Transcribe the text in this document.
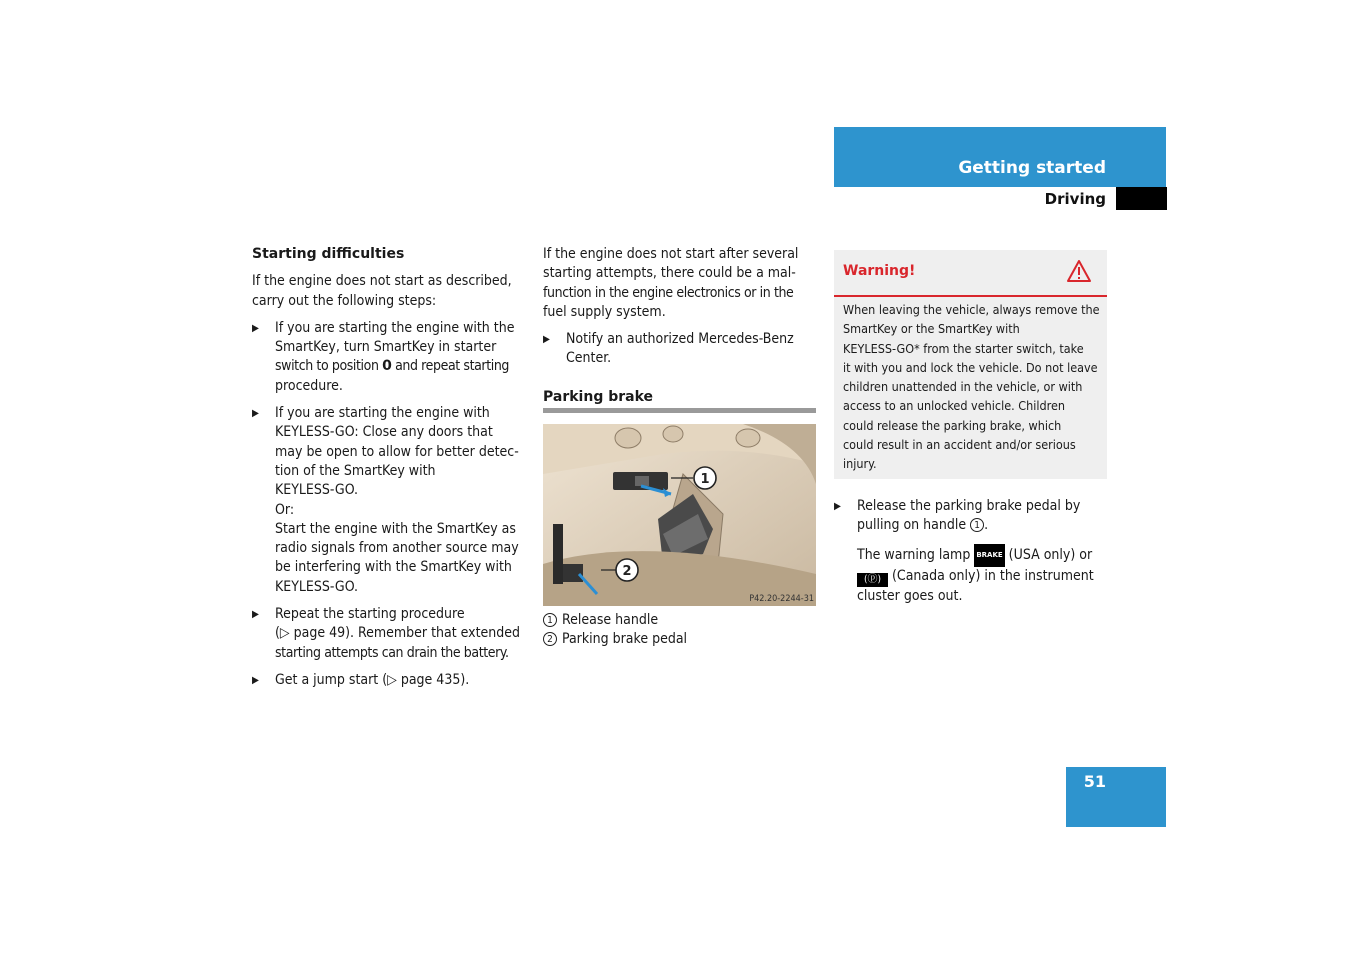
Getting started
Driving

Starting difficulties

If the engine does not start as described,
carry out the following steps:

▶ If you are starting the engine with the
SmartKey, turn SmartKey in starter
switch to position 0 and repeat starting
procedure.

▶ If you are starting the engine with
KEYLESS-GO: Close any doors that
may be open to allow for better detec-
tion of the SmartKey with
KEYLESS-GO.
Or:
Start the engine with the SmartKey as
radio signals from another source may
be interfering with the SmartKey with
KEYLESS-GO.

▶ Repeat the starting procedure
(▷ page 49). Remember that extended
starting attempts can drain the battery.

▶ Get a jump start (▷ page 435).

If the engine does not start after several
starting attempts, there could be a mal-
function in the engine electronics or in the
fuel supply system.

▶ Notify an authorized Mercedes-Benz
Center.

Parking brake

1
2
P42.20-2244-31

1 Release handle

2 Parking brake pedal

Warning!
When leaving the vehicle, always remove the
SmartKey or the SmartKey with
KEYLESS-GO* from the starter switch, take
it with you and lock the vehicle. Do not leave
children unattended in the vehicle, or with
access to an unlocked vehicle. Children
could release the parking brake, which
could result in an accident and/or serious
injury.

▶ Release the parking brake pedal by
pulling on handle 1 .

The warning lamp BRAKE (USA only) or
(ⓟ) (Canada only) in the instrument
cluster goes out.

51
